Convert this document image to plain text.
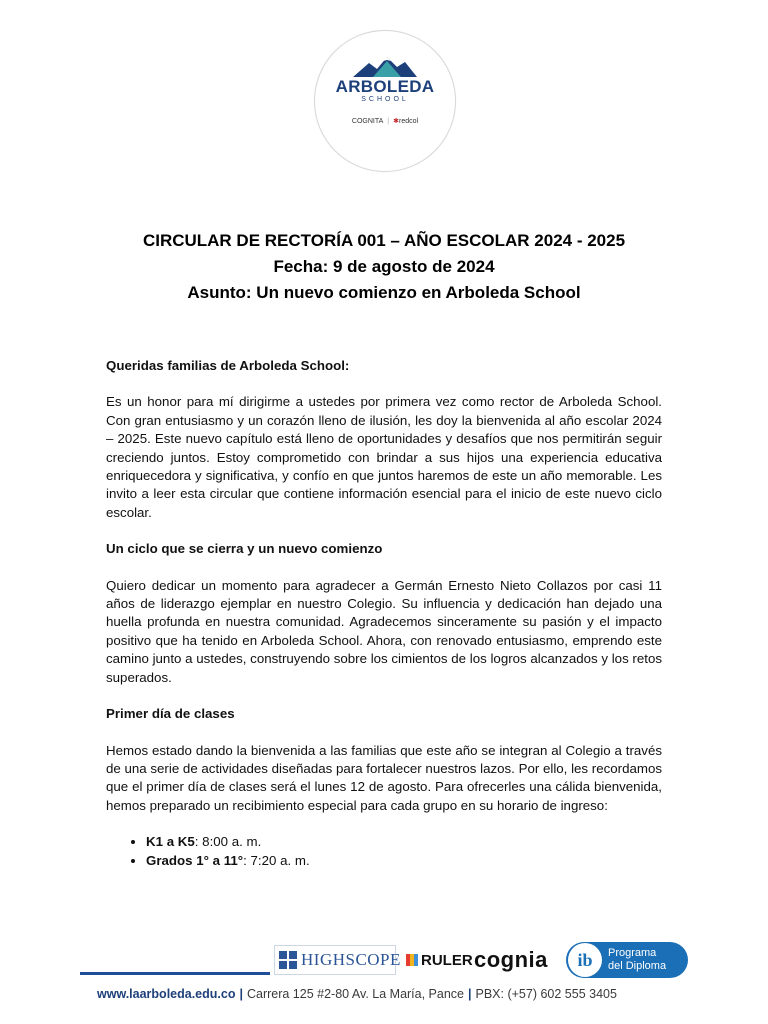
ARBOLEDA
SCHOOL
COGNITA | ✱redcol
CIRCULAR DE RECTORÍA 001 – AÑO ESCOLAR 2024 - 2025
Fecha: 9 de agosto de 2024
Asunto: Un nuevo comienzo en Arboleda School

Queridas familias de Arboleda School:

Es un honor para mí dirigirme a ustedes por primera vez como rector de Arboleda School. Con gran entusiasmo y un corazón lleno de ilusión, les doy la bienvenida al año escolar 2024 – 2025. Este nuevo capítulo está lleno de oportunidades y desafíos que nos permitirán seguir creciendo juntos. Estoy comprometido con brindar a sus hijos una experiencia educativa enriquecedora y significativa, y confío en que juntos haremos de este un año memorable. Les invito a leer esta circular que contiene información esencial para el inicio de este nuevo ciclo escolar.

Un ciclo que se cierra y un nuevo comienzo

Quiero dedicar un momento para agradecer a Germán Ernesto Nieto Collazos por casi 11 años de liderazgo ejemplar en nuestro Colegio. Su influencia y dedicación han dejado una huella profunda en nuestra comunidad. Agradecemos sinceramente su pasión y el impacto positivo que ha tenido en Arboleda School. Ahora, con renovado entusiasmo, emprendo este camino junto a ustedes, construyendo sobre los cimientos de los logros alcanzados y los retos superados.

Primer día de clases

Hemos estado dando la bienvenida a las familias que este año se integran al Colegio a través de una serie de actividades diseñadas para fortalecer nuestros lazos. Por ello, les recordamos que el primer día de clases será el lunes 12 de agosto. Para ofrecerles una cálida bienvenida, hemos preparado un recibimiento especial para cada grupo en su horario de ingreso:

• K1 a K5: 8:00 a. m.
• Grados 1° a 11°: 7:20 a. m.
HIGHSCOPE RULER cognia	ib	Programa
del Diploma
www.laarboleda.edu.co | Carrera 125 #2-80 Av. La María, Pance | PBX: (+57) 602 555 3405
